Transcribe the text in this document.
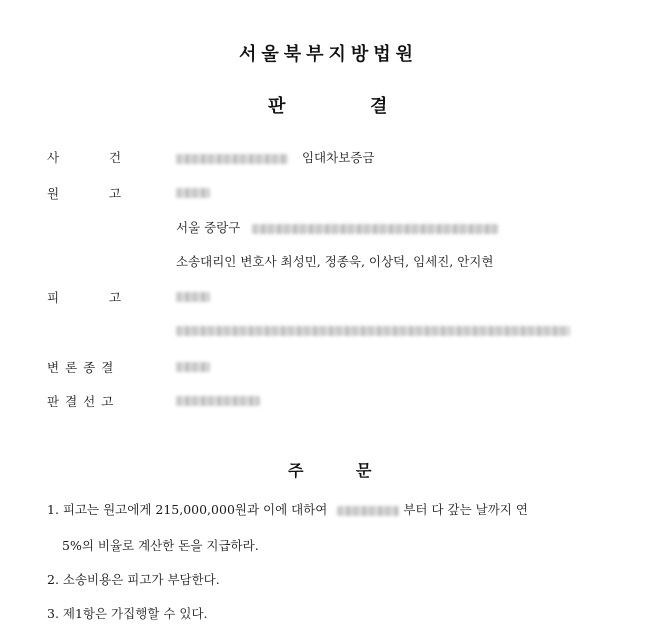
서울북부지방법원
판	결
사	건	임대차보증금
원	고
서울 중랑구
소송대리인 변호사 최성민, 정종욱, 이상덕, 임세진, 안지현
피	고
변론종결
판결선고
주	문
1. 피고는 원고에게 215,000,000원과 이에 대하여	부터 다 갚는 날까지 연
5%의 비율로 계산한 돈을 지급하라.
2. 소송비용은 피고가 부담한다.
3. 제1항은 가집행할 수 있다.
